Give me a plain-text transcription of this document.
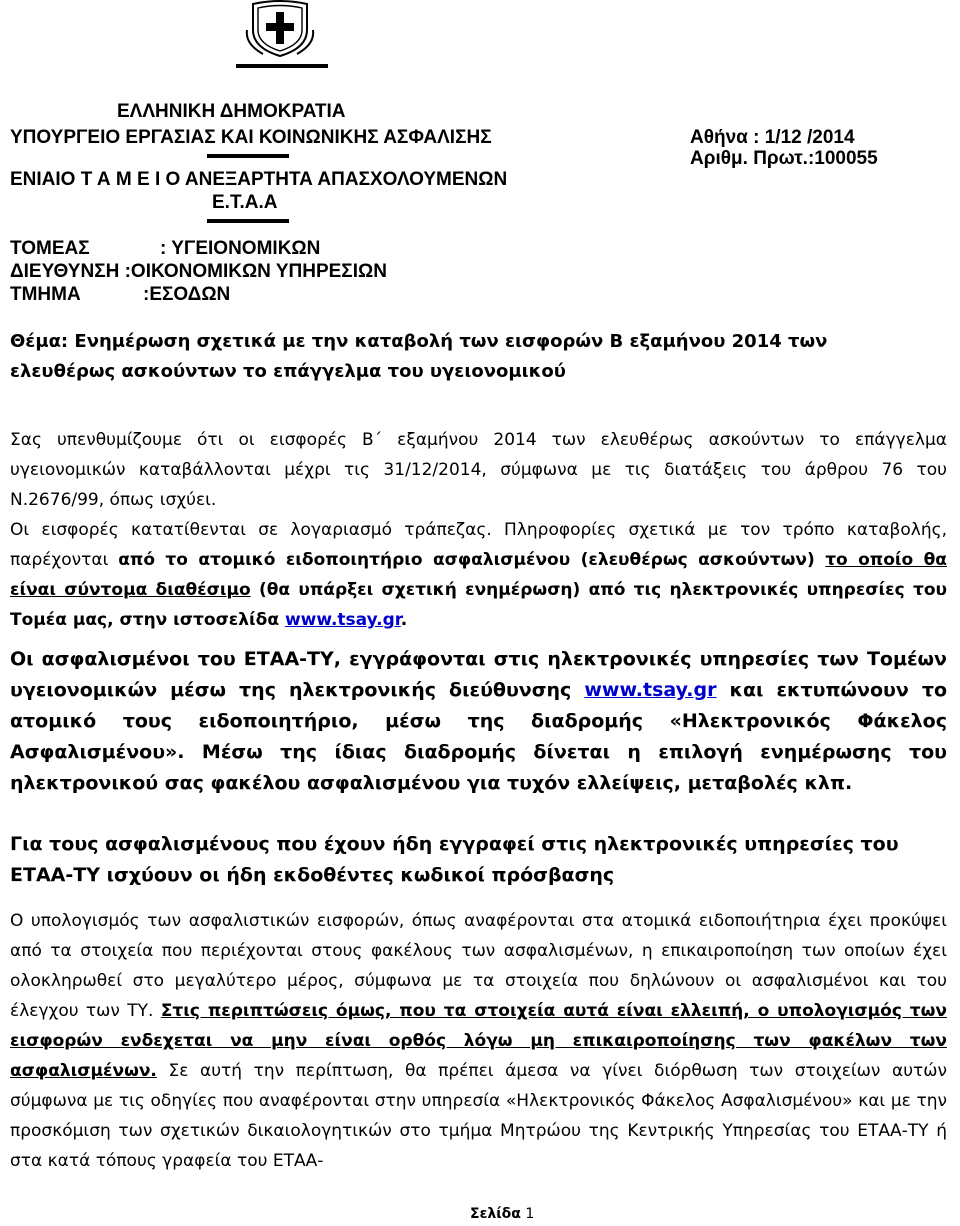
ΕΛΛΗΝΙΚΗ ΔΗΜΟΚΡΑΤΙΑ
ΥΠΟΥΡΓΕΙΟ ΕΡΓΑΣΙΑΣ ΚΑΙ ΚΟΙΝΩΝΙΚΗΣ ΑΣΦΑΛΙΣΗΣ
ΕΝΙΑΙΟ Τ Α Μ Ε Ι Ο ΑΝΕΞΑΡΤΗΤΑ ΑΠΑΣΧΟΛΟΥΜΕΝΩΝ
Ε.Τ.Α.Α
Αθήνα : 1/12 /2014
Αριθμ. Πρωτ.:100055
ΤΟΜΕΑΣ	: ΥΓΕΙΟΝΟΜΙΚΩΝ
ΔΙΕΥΘΥΝΣΗ :ΟΙΚΟΝΟΜΙΚΩΝ ΥΠΗΡΕΣΙΩΝ
ΤΜΗΜΑ	:ΕΣΟΔΩΝ
Θέμα: Ενημέρωση σχετικά με την καταβολή των εισφορών Β εξαμήνου 2014 των
ελευθέρως ασκούντων το επάγγελμα του υγειονομικού
Σας υπενθυμίζουμε ότι οι εισφορές Β΄ εξαμήνου 2014 των ελευθέρως ασκούντων το επάγγελμα υγειονομικών καταβάλλονται μέχρι τις 31/12/2014, σύμφωνα με τις διατάξεις του άρθρου 76 του Ν.2676/99, όπως ισχύει.
Οι εισφορές κατατίθενται σε λογαριασμό τράπεζας. Πληροφορίες σχετικά με τον τρόπο καταβολής, παρέχονται από το ατομικό ειδοποιητήριο ασφαλισμένου (ελευθέρως ασκούντων) το οποίο θα είναι σύντομα διαθέσιμο (θα υπάρξει σχετική ενημέρωση) από τις ηλεκτρονικές υπηρεσίες του Τομέα μας, στην ιστοσελίδα www.tsay.gr.
Οι ασφαλισμένοι του ΕΤΑΑ-ΤΥ, εγγράφονται στις ηλεκτρονικές υπηρεσίες των Τομέων υγειονομικών μέσω της ηλεκτρονικής διεύθυνσης www.tsay.gr και εκτυπώνουν το ατομικό τους ειδοποιητήριο, μέσω της διαδρομής «Ηλεκτρονικός Φάκελος Ασφαλισμένου». Μέσω της ίδιας διαδρομής δίνεται η επιλογή ενημέρωσης του ηλεκτρονικού σας φακέλου ασφαλισμένου για τυχόν ελλείψεις, μεταβολές κλπ.
Για τους ασφαλισμένους που έχουν ήδη εγγραφεί στις ηλεκτρονικές υπηρεσίες του ΕΤΑΑ-ΤΥ ισχύουν οι ήδη εκδοθέντες κωδικοί πρόσβασης
Ο υπολογισμός των ασφαλιστικών εισφορών, όπως αναφέρονται στα ατομικά ειδοποιήτηρια έχει προκύψει από τα στοιχεία που περιέχονται στους φακέλους των ασφαλισμένων, η επικαιροποίηση των οποίων έχει ολοκληρωθεί στο μεγαλύτερο μέρος, σύμφωνα με τα στοιχεία που δηλώνουν οι ασφαλισμένοι και του έλεγχου των ΤΥ. Στις περιπτώσεις όμως, που τα στοιχεία αυτά είναι ελλειπή, ο υπολογισμός των εισφορών ενδεχεται να μην είναι ορθός λόγω μη επικαιροποίησης των φακέλων των ασφαλισμένων. Σε αυτή την περίπτωση, θα πρέπει άμεσα να γίνει διόρθωση των στοιχείων αυτών σύμφωνα με τις οδηγίες που αναφέρονται στην υπηρεσία «Ηλεκτρονικός Φάκελος Ασφαλισμένου» και με την προσκόμιση των σχετικών δικαιολογητικών στο τμήμα Μητρώου της Κεντρικής Υπηρεσίας του ΕΤΑΑ-ΤΥ ή στα κατά τόπους γραφεία του ΕΤΑΑ-
Σελίδα 1
